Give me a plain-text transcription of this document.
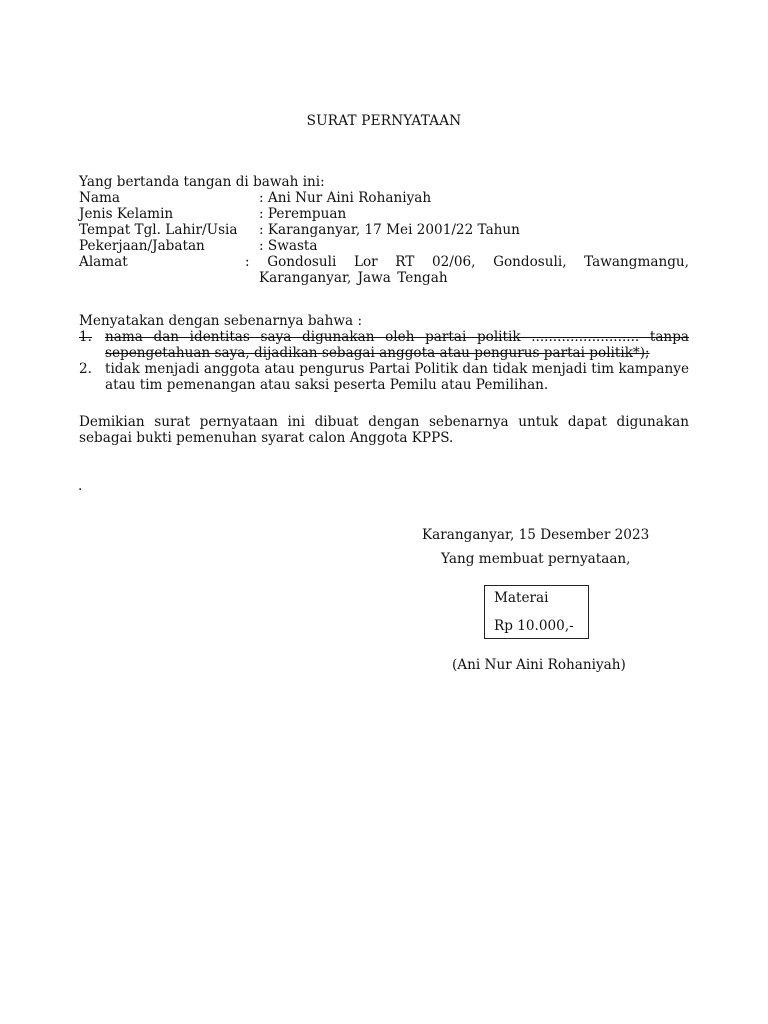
SURAT PERNYATAAN
Yang bertanda tangan di bawah ini:
Nama	: Ani Nur Aini Rohaniyah
Jenis Kelamin	: Perempuan
Tempat Tgl. Lahir/Usia	: Karanganyar, 17 Mei 2001/22 Tahun
Pekerjaan/Jabatan	: Swasta
Alamat	: Gondosuli Lor RT 02/06, Gondosuli, Tawangmangu, Karanganyar, Jawa Tengah
Menyatakan dengan sebenarnya bahwa :
1. nama dan identitas saya digunakan oleh partai politik ......................... tanpa sepengetahuan saya, dijadikan sebagai anggota atau pengurus partai politik*);
2. tidak menjadi anggota atau pengurus Partai Politik dan tidak menjadi tim kampanye atau tim pemenangan atau saksi peserta Pemilu atau Pemilihan.
Demikian surat pernyataan ini dibuat dengan sebenarnya untuk dapat digunakan sebagai bukti pemenuhan syarat calon Anggota KPPS.
.
Karanganyar, 15 Desember 2023
Yang membuat pernyataan,
Materai
Rp 10.000,-
(Ani Nur Aini Rohaniyah)
